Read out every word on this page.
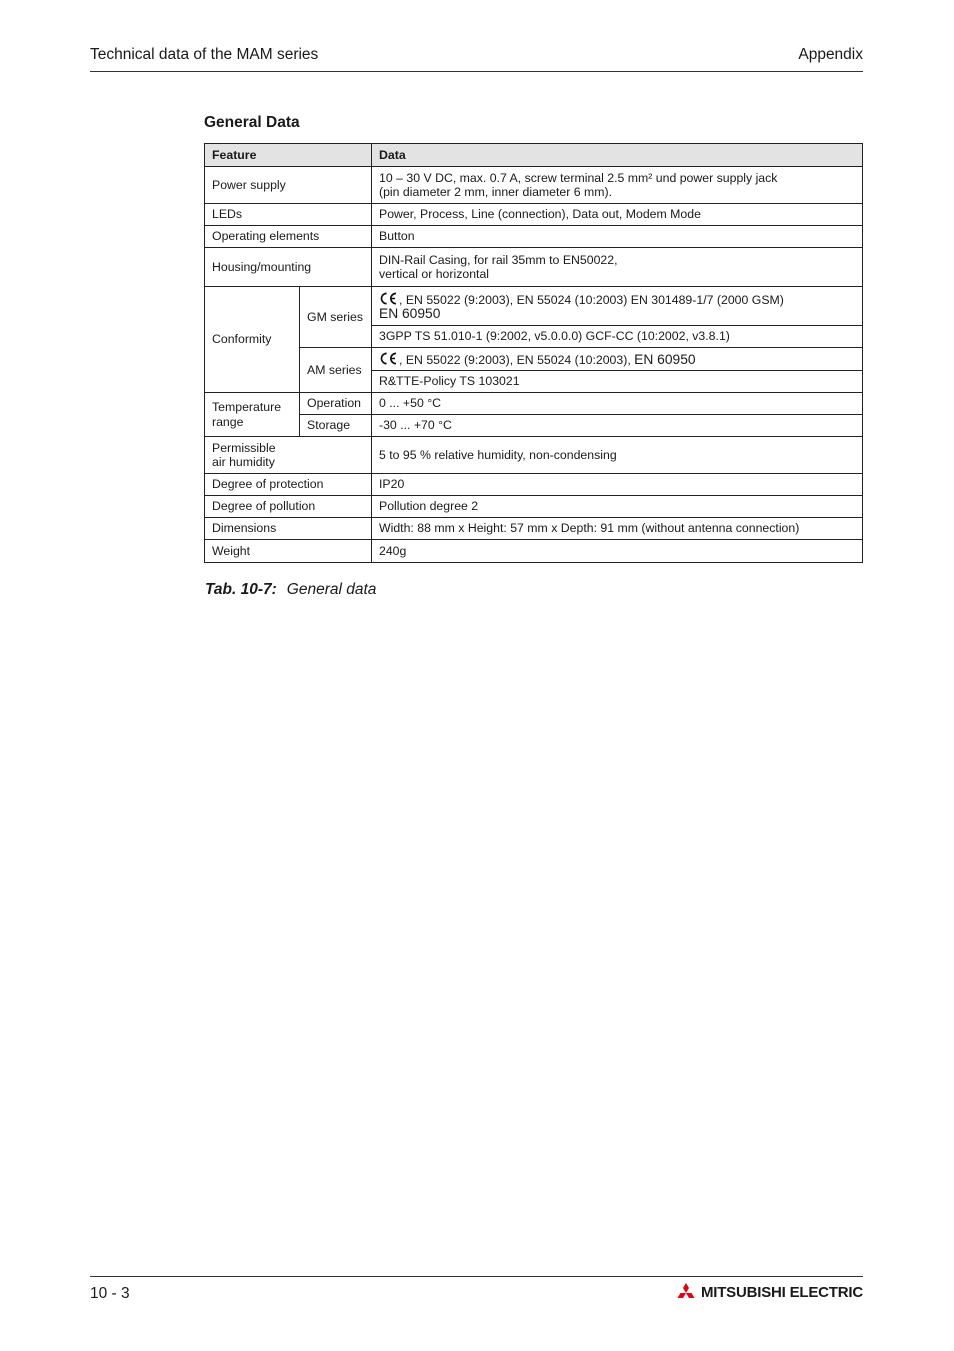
Technical data of the MAM series	Appendix
General Data
Feature		Data
Power supply		10 – 30 V DC, max. 0.7 A, screw terminal 2.5 mm² und power supply jack
(pin diameter 2 mm, inner diameter 6 mm).
LEDs		Power, Process, Line (connection), Data out, Modem Mode
Operating elements		Button
Housing/mounting		DIN-Rail Casing, for rail 35mm to EN50022,
vertical or horizontal
Conformity	GM series	, EN 55022 (9:2003), EN 55024 (10:2003) EN 301489-1/7 (2000 GSM)
EN 60950
		3GPP TS 51.010-1 (9:2002, v5.0.0.0) GCF-CC (10:2002, v3.8.1)
	AM series	, EN 55022 (9:2003), EN 55024 (10:2003), EN 60950
		R&TTE-Policy TS 103021
Temperature
range	Operation	0 ... +50 °C
	Storage	-30 ... +70 °C
Permissible
air humidity		5 to 95 % relative humidity, non-condensing
Degree of protection		IP20
Degree of pollution		Pollution degree 2
Dimensions		Width: 88 mm x Height: 57 mm x Depth: 91 mm (without antenna connection)
Weight		240g
Tab. 10-7: General data
10 - 3	MITSUBISHI ELECTRIC
